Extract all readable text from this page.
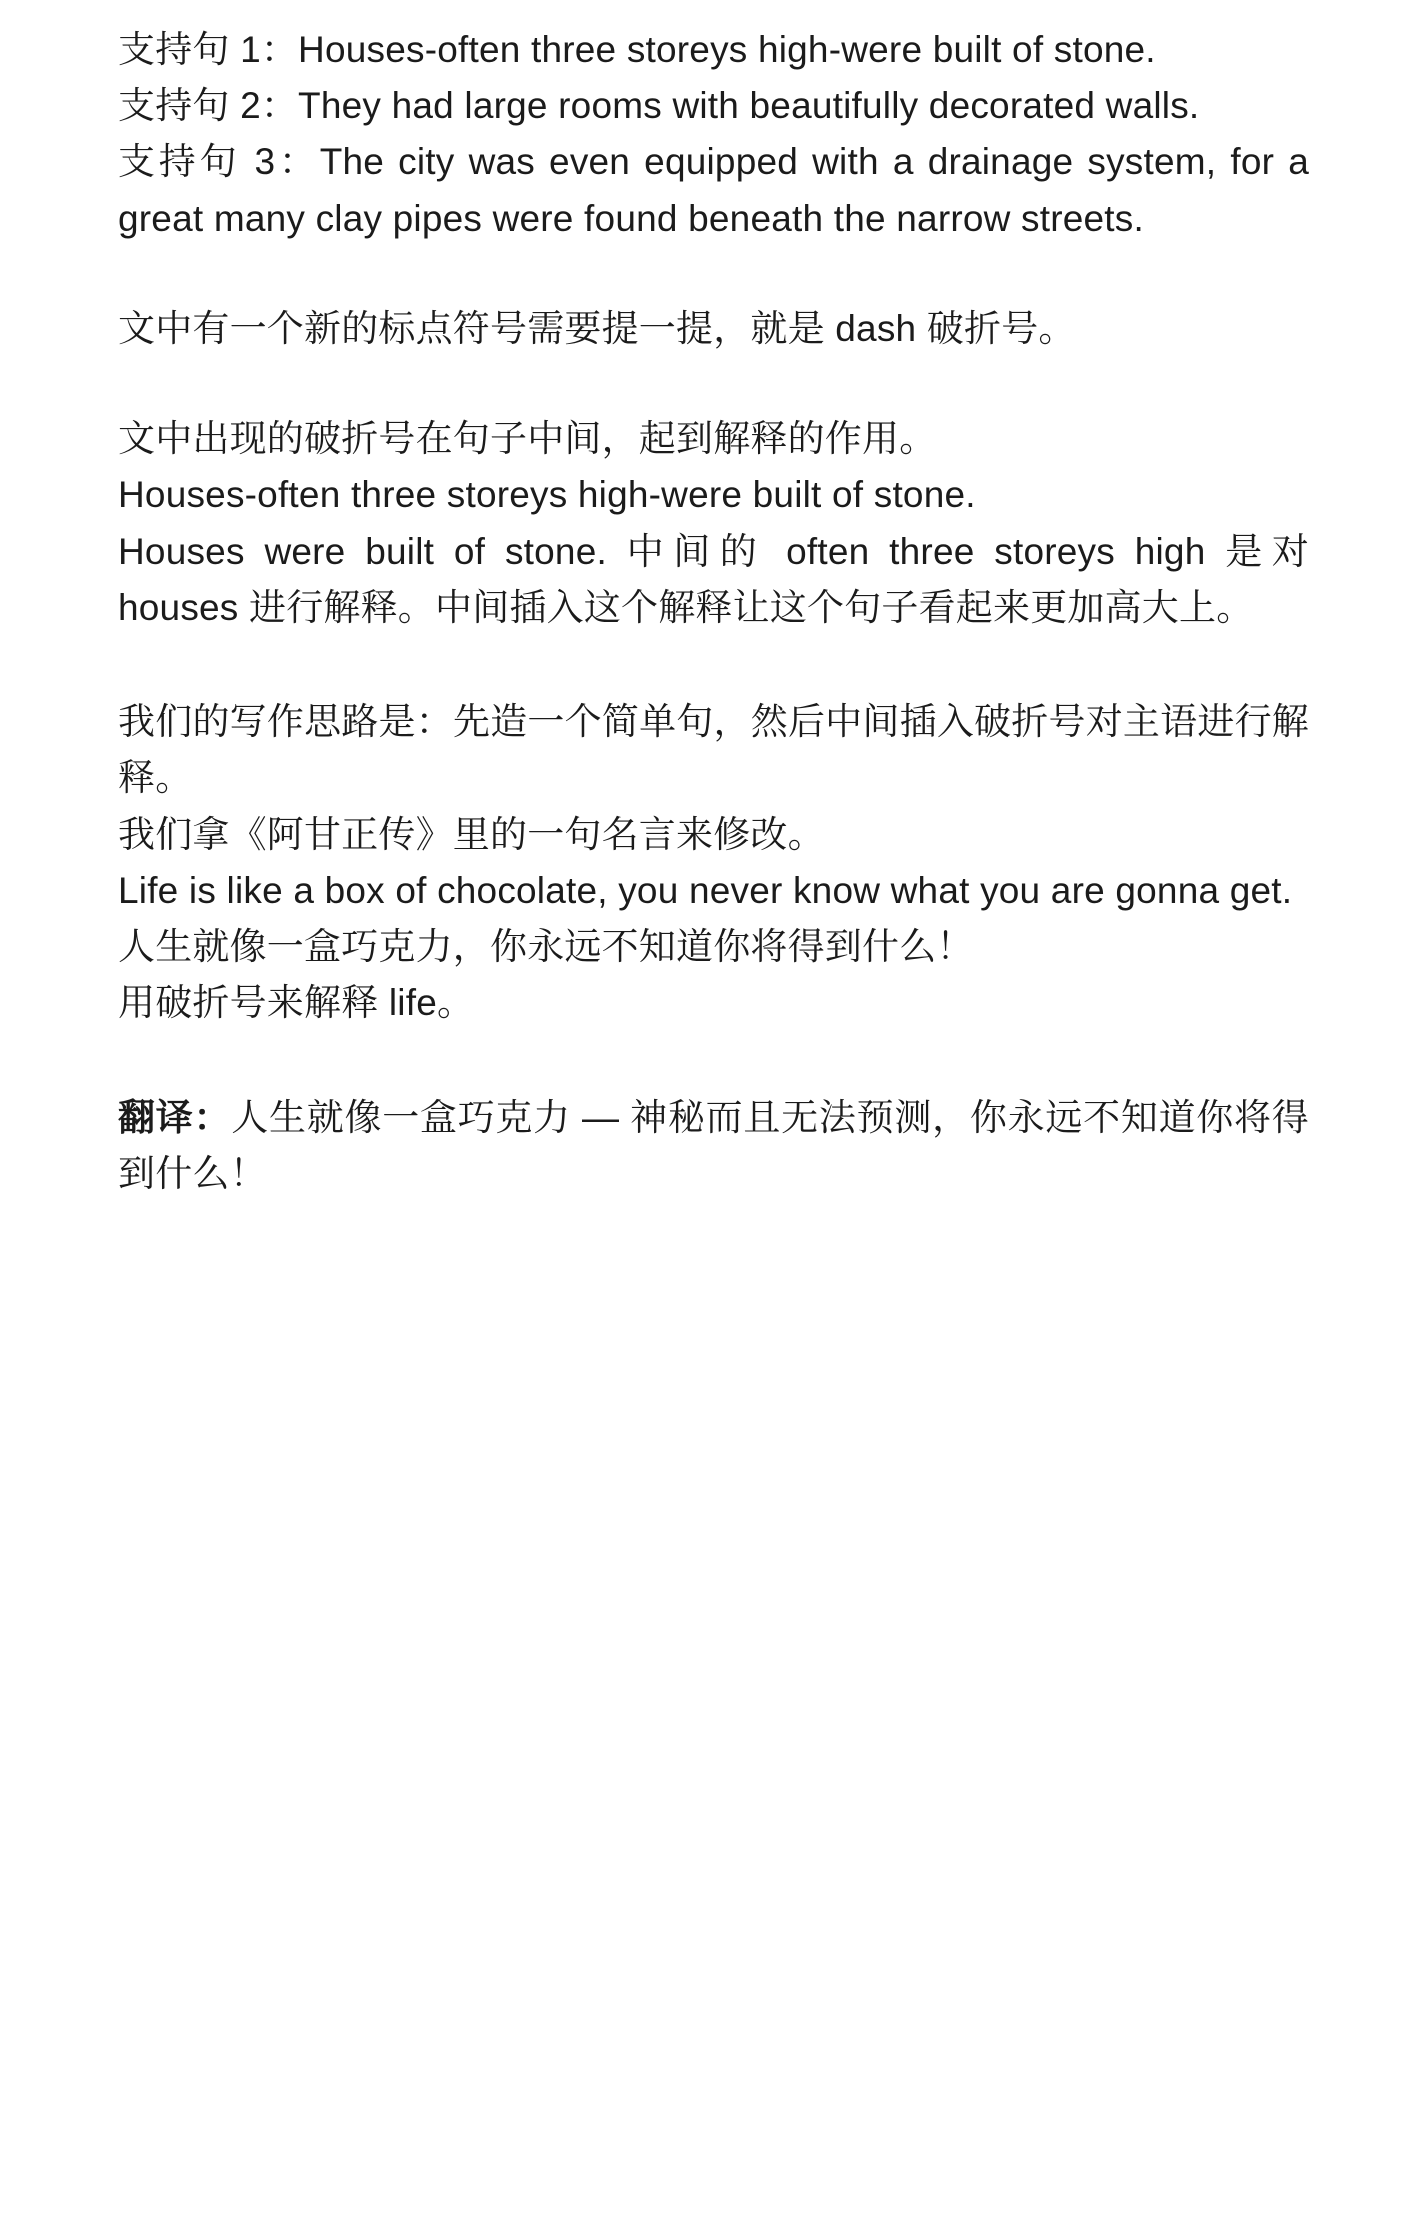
支持句 1：Houses-often three storeys high-were built of stone.

支持句 2：They had large rooms with beautifully decorated walls.

支持句 3：The city was even equipped with a drainage system, for a great many clay pipes were found beneath the narrow streets.

文中有一个新的标点符号需要提一提，就是 dash 破折号。

文中出现的破折号在句子中间，起到解释的作用。

Houses-often three storeys high-were built of stone.

Houses were built of stone. 中间的 often three storeys high 是对 houses 进行解释。中间插入这个解释让这个句子看起来更加高大上。

我们的写作思路是：先造一个简单句，然后中间插入破折号对主语进行解释。

我们拿《阿甘正传》里的一句名言来修改。

Life is like a box of chocolate, you never know what you are gonna get.

人生就像一盒巧克力，你永远不知道你将得到什么！

用破折号来解释 life。

翻译：人生就像一盒巧克力 — 神秘而且无法预测，你永远不知道你将得到什么！
